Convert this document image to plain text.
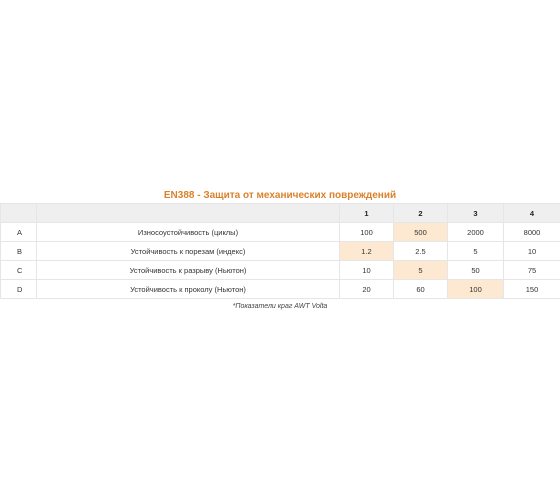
EN388 - Защита от механических повреждений
		1	2	3	4
A	Износоустойчивость (циклы)	100	500	2000	8000
B	Устойчивость к порезам (индекс)	1.2	2.5	5	10
C	Устойчивость к разрыву (Ньютон)	10	5	50	75
D	Устойчивость к проколу (Ньютон)	20	60	100	150
*Показатели краг AWT Volta
